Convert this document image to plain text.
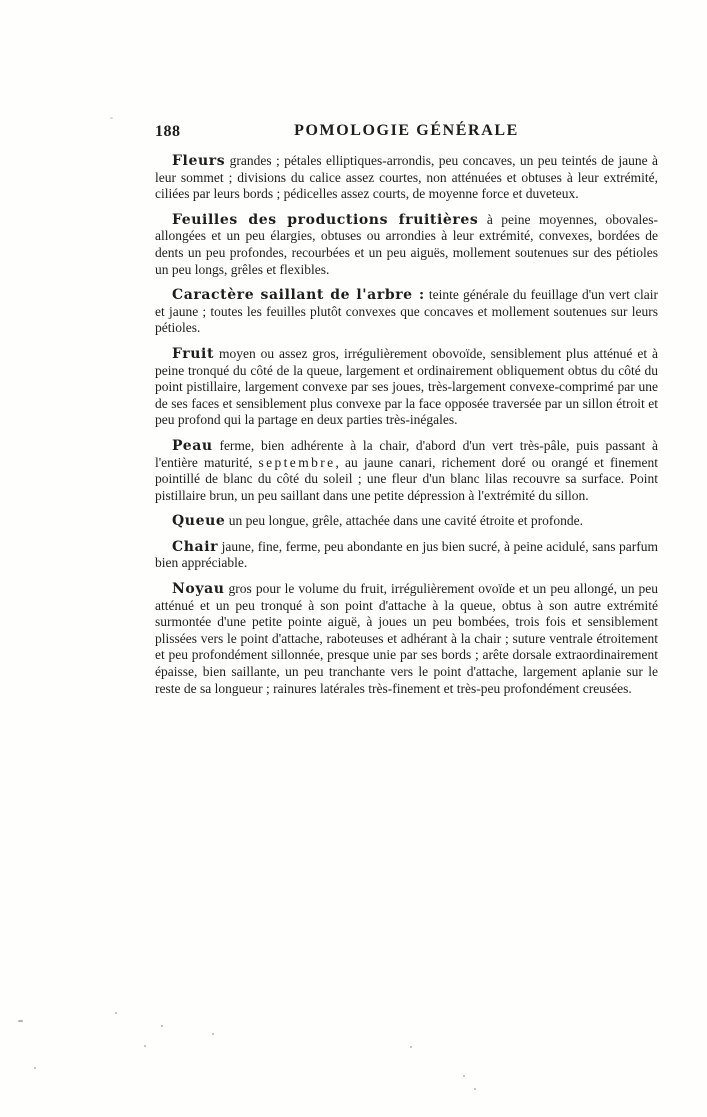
188	POMOLOGIE GÉNÉRALE

Fleurs grandes ; pétales elliptiques-arrondis, peu concaves, un peu teintés de jaune à leur sommet ; divisions du calice assez courtes, non atténuées et obtuses à leur extrémité, ciliées par leurs bords ; pédicelles assez courts, de moyenne force et duveteux.

Feuilles des productions fruitières à peine moyennes, obovales-allongées et un peu élargies, obtuses ou arrondies à leur extrémité, convexes, bordées de dents un peu profondes, recourbées et un peu aiguës, mollement soutenues sur des pétioles un peu longs, grêles et flexibles.

Caractère saillant de l'arbre : teinte générale du feuillage d'un vert clair et jaune ; toutes les feuilles plutôt convexes que concaves et mollement soutenues sur leurs pétioles.

Fruit moyen ou assez gros, irrégulièrement obovoïde, sensiblement plus atténué et à peine tronqué du côté de la queue, largement et ordinairement obliquement obtus du côté du point pistillaire, largement convexe par ses joues, très-largement convexe-comprimé par une de ses faces et sensiblement plus convexe par la face opposée traversée par un sillon étroit et peu profond qui la partage en deux parties très-inégales.

Peau ferme, bien adhérente à la chair, d'abord d'un vert très-pâle, puis passant à l'entière maturité, septembre, au jaune canari, richement doré ou orangé et finement pointillé de blanc du côté du soleil ; une fleur d'un blanc lilas recouvre sa surface. Point pistillaire brun, un peu saillant dans une petite dépression à l'extrémité du sillon.

Queue un peu longue, grêle, attachée dans une cavité étroite et profonde.

Chair jaune, fine, ferme, peu abondante en jus bien sucré, à peine acidulé, sans parfum bien appréciable.

Noyau gros pour le volume du fruit, irrégulièrement ovoïde et un peu allongé, un peu atténué et un peu tronqué à son point d'attache à la queue, obtus à son autre extrémité surmontée d'une petite pointe aiguë, à joues un peu bombées, trois fois et sensiblement plissées vers le point d'attache, raboteuses et adhérant à la chair ; suture ventrale étroitement et peu profondément sillonnée, presque unie par ses bords ; arête dorsale extraordinairement épaisse, bien saillante, un peu tranchante vers le point d'attache, largement aplanie sur le reste de sa longueur ; rainures latérales très-finement et très-peu profondément creusées.
